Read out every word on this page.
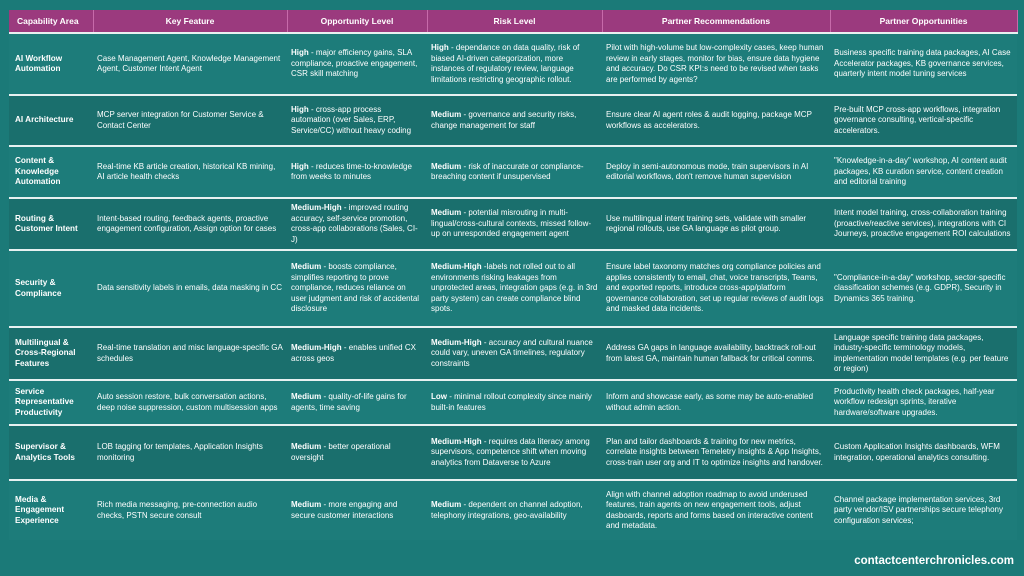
Capability Area	Key Feature	Opportunity Level	Risk Level	Partner Recommendations	Partner Opportunities
AI Workflow Automation	Case Management Agent, Knowledge Management Agent, Customer Intent Agent	High - major efficiency gains, SLA compliance, proactive engagement, CSR skill matching	High - dependance on data quality, risk of biased AI-driven categorization, more instances of regulatory review, language limitations restricting geographic rollout.	Pilot with high-volume but low-complexity cases, keep human review in early stages, monitor for bias, ensure data hygiene and accuracy. Do CSR KPI:s need to be revised when tasks are performed by agents?	Business specific training data packages, AI Case Accelerator packages, KB governance services, quarterly intent model tuning services
AI Architecture	MCP server integration for Customer Service & Contact Center	High - cross-app process automation (over Sales, ERP, Service/CC) without heavy coding	Medium - governance and security risks, change management for staff	Ensure clear AI agent roles & audit logging, package MCP workflows as accelerators.	Pre-built MCP cross-app workflows, integration governance consulting, vertical-specific accelerators.
Content & Knowledge Automation	Real-time KB article creation, historical KB mining, AI article health checks	High - reduces time-to-knowledge from weeks to minutes	Medium - risk of inaccurate or compliance-breaching content if unsupervised	Deploy in semi-autonomous mode, train supervisors in AI editorial workflows, don't remove human supervision	"Knowledge-in-a-day" workshop, AI content audit packages, KB curation service, content creation and editorial training
Routing & Customer Intent	Intent-based routing, feedback agents, proactive engagement configuration, Assign option for cases	Medium-High - improved routing accuracy, self-service promotion, cross-app collaborations (Sales, CI-J)	Medium - potential misrouting in multi-lingual/cross-cultural contexts, missed follow-up on unresponded engagement agent	Use multilingual intent training sets, validate with smaller regional rollouts, use GA language as pilot group.	Intent model training, cross-collaboration training (proactive/reactive services), integrations with CI Journeys, proactive engagement ROI calculations
Security & Compliance	Data sensitivity labels in emails, data masking in CC	Medium - boosts compliance, simplifies reporting to prove compliance, reduces reliance on user judgment and risk of accidental disclosure	Medium-High -labels not rolled out to all environments risking leakages from unprotected areas, integration gaps (e.g. in 3rd party system) can create compliance blind spots.	Ensure label taxonomy matches org compliance policies and applies consistently to email, chat, voice transcripts, Teams, and exported reports, introduce cross-app/platform governance collaboration, set up regular reviews of audit logs and masked data incidents.	"Compliance-in-a-day" workshop, sector-specific classification schemes (e.g. GDPR), Security in Dynamics 365 training.
Multilingual & Cross-Regional Features	Real-time translation and misc language-specific GA schedules	Medium-High - enables unified CX across geos	Medium-High - accuracy and cultural nuance could vary, uneven GA timelines, regulatory constraints	Address GA gaps in language availability, backtrack roll-out from latest GA, maintain human fallback for critical comms.	Language specific training data packages, industry-specific terminology models, implementation model templates (e.g. per feature or region)
Service Representative Productivity	Auto session restore, bulk conversation actions, deep noise suppression, custom multisession apps	Medium - quality-of-life gains for agents, time saving	Low - minimal rollout complexity since mainly built-in features	Inform and showcase early, as some may be auto-enabled without admin action.	Productivity health check packages, half-year workflow redesign sprints, iterative hardware/software upgrades.
Supervisor & Analytics Tools	LOB tagging for templates, Application Insights monitoring	Medium - better operational oversight	Medium-High - requires data literacy among supervisors, competence shift when moving analytics from Dataverse to Azure	Plan and tailor dashboards & training for new metrics, correlate insights between Temeletry Insights & App Insights, cross-train user org and IT to optimize insights and handover.	Custom Application Insights dashboards, WFM integration, operational analytics consulting.
Media & Engagement Experience	Rich media messaging, pre-connection audio checks, PSTN secure consult	Medium - more engaging and secure customer interactions	Medium - dependent on channel adoption, telephony integrations, geo-availability	Align with channel adoption roadmap to avoid underused features, train agents on new engagement tools, adjust dasboards, reports and forms based on interactive content and metadata.	Channel package implementation services, 3rd party vendor/ISV partnerships secure telephony configuration services;
contactcenterchronicles.com
